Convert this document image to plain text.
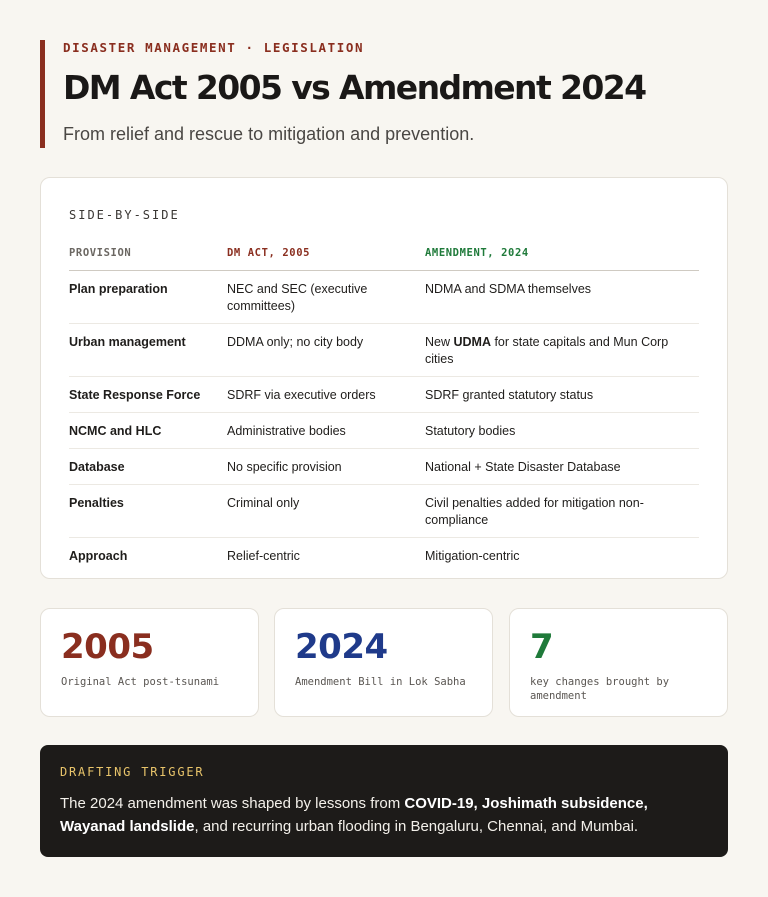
DISASTER MANAGEMENT · LEGISLATION
DM Act 2005 vs Amendment 2024
From relief and rescue to mitigation and prevention.
SIDE-BY-SIDE
PROVISION	DM ACT, 2005	AMENDMENT, 2024
Plan preparation	NEC and SEC (executive committees)	NDMA and SDMA themselves
Urban management	DDMA only; no city body	New UDMA for state capitals and Mun Corp cities
State Response Force	SDRF via executive orders	SDRF granted statutory status
NCMC and HLC	Administrative bodies	Statutory bodies
Database	No specific provision	National + State Disaster Database
Penalties	Criminal only	Civil penalties added for mitigation non-compliance
Approach	Relief-centric	Mitigation-centric
2005
Original Act post-tsunami
2024
Amendment Bill in Lok Sabha
7
key changes brought by amendment
DRAFTING TRIGGER
The 2024 amendment was shaped by lessons from COVID-19, Joshimath subsidence, Wayanad landslide, and recurring urban flooding in Bengaluru, Chennai, and Mumbai.
